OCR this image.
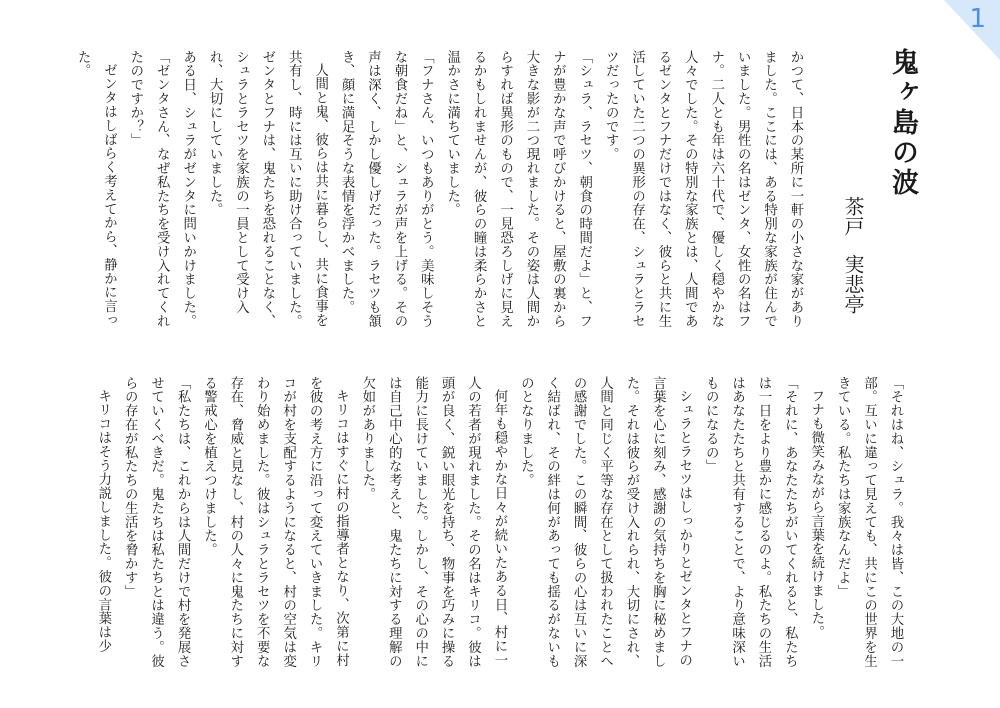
1
鬼ヶ島の波
茶戸
実悲亭

かつて、日本の某所に一軒の小さな家がありました。ここには、ある特別な家族が住んでいました。男性の名はゼンタ、女性の名はフナ。二人とも年は六十代で、優しく穏やかな人々でした。その特別な家族とは、人間であるゼンタとフナだけではなく、彼らと共に生活していた二つの異形の存在、シュラとラセツだったのです。

「シュラ、ラセツ、朝食の時間だよ」と、フナが豊かな声で呼びかけると、屋敷の裏から大きな影が二つ現れました。その姿は人間からすれば異形のもので、一見恐ろしげに見えるかもしれませんが、彼らの瞳は柔らかさと温かさに満ちていました。

「フナさん、いつもありがとう。美味しそうな朝食だね」と、シュラが声を上げる。その声は深く、しかし優しげだった。ラセツも頷き、顔に満足そうな表情を浮かべました。

人間と鬼、彼らは共に暮らし、共に食事を共有し、時には互いに助け合っていました。ゼンタとフナは、鬼たちを恐れることなく、シュラとラセツを家族の一員として受け入れ、大切にしていました。

ある日、シュラがゼンタに問いかけました。

「ゼンタさん、なぜ私たちを受け入れてくれたのですか？」

ゼンタはしばらく考えてから、静かに言った。

「それはね、シュラ。我々は皆、この大地の一部。互いに違って見えても、共にこの世界を生きている。私たちは家族なんだよ」

フナも微笑みながら言葉を続けました。

「それに、あなたたちがいてくれると、私たちは一日をより豊かに感じるのよ。私たちの生活はあなたたちと共有することで、より意味深いものになるの」

シュラとラセツはしっかりとゼンタとフナの言葉を心に刻み、感謝の気持ちを胸に秘めました。それは彼らが受け入れられ、大切にされ、人間と同じく平等な存在として扱われたことへの感謝でした。この瞬間、彼らの心は互いに深く結ばれ、その絆は何があっても揺るがないものとなりました。

何年も穏やかな日々が続いたある日、村に一人の若者が現れました。その名はキリコ。彼は頭が良く、鋭い眼光を持ち、物事を巧みに操る能力に長けていました。しかし、その心の中には自己中心的な考えと、鬼たちに対する理解の欠如がありました。

キリコはすぐに村の指導者となり、次第に村を彼の考え方に沿って変えていきました。キリコが村を支配するようになると、村の空気は変わり始めました。彼はシュラとラセツを不要な存在、脅威と見なし、村の人々に鬼たちに対する警戒心を植えつけました。

「私たちは、これからは人間だけで村を発展させていくべきだ。鬼たちは私たちとは違う。彼らの存在が私たちの生活を脅かす」

キリコはそう力説しました。彼の言葉は少
